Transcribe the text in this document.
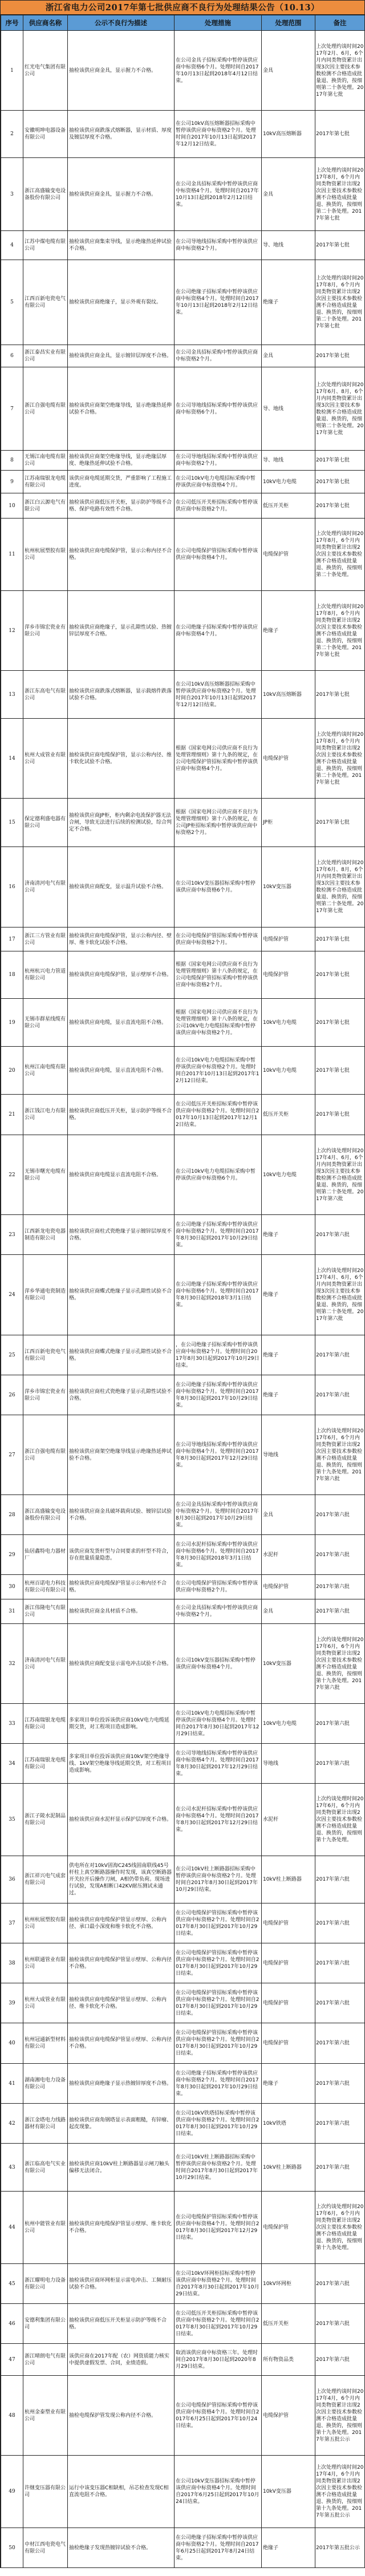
浙江省电力公司2017年第七批供应商不良行为处理结果公告（10.13）
序号	供应商名称	公示不良行为描述	处理措施	处理范围	备注
1	红光电气集团有限公司	抽检该供应商金具，显示握力不合格。	在公司金具子招标采购中暂停该供应商中标资格6个月。处理时间自2017年10月13日起到2018年4月12日结束。	金具	上次处理约谈时间2017年2月、6月，6个月内同类物资累计出现3次因主要技术参数检测不合格造成批量退、换货的，按细则第二十条处理。2017年第七批
2	安徽明坤电器设备有限公司	抽检该供应商跌落式熔断器，显示材质、厚度及镀层厚度不合格。	在公司10kV高压熔断器招标采购中暂停该供应商中标资格2个月。处理时间自2017年10月13日起到2017年12月12日结束。	10kV高压熔断器	2017年第七批
3	浙江高盛输变电设备股份有限公司	抽检该供应商金具，显示握力不合格。	在公司金具招标采购中暂停该供应商中标资格4个月。处理时间自2017年10月13日起到2018年2月12日结束。	金具	上次处理约谈时间2017年8月，6个月内同类物资累计出现2次因主要技术参数检测不合格造成批量退、换货的，按细则第二十条处理。2017年第七批
4	江苏中煤电缆有限公司	抽检该供应商集束导线，显示绝缘热延伸试验不合格。	在公司导地线招标采购中暂停该供应商中标资格2个月。	导、地线	2017年第七批
5	江西百新电瓷电气有限公司	抽检该供应商绝缘子，显示外观有裂纹。	在公司绝缘子招标采购中暂停该供应商中标资格4个月。处理时间自2017年10月13日起到2018年2月12日结束。	绝缘子	上次处理约谈时间2017年8月，6个月内同类物资累计出现2次因主要技术参数检测不合格造成批量退、换货的，按细则第二十条处理。2017年第七批
6	浙江泰昌实业有限公司	抽检该供应商金具，显示镀锌层厚度不合格。	在公司金具招标采购中暂停该供应商中标资格2个月。	金具	2017年第七批
7	浙江自强电缆有限公司	抽检该供应商架空绝缘导线，显示绝缘热延伸试验不合格。	在公司导地线招标采购中暂停该供应商中标资格6个月。	导、地线	上次处理约谈时间2017年6月、8月，6个月内同类物资累计出现3次因主要技术参数检测不合格造成批量退、换货的，按细则第二十条处理。2017年第七批
8	无锡江南电缆有限公司	抽检该供应商架空绝缘导线，显示绝缘层厚度、绝缘热延伸试验不合格。	在公司导地线招标采购中暂停该供应商中标资格2个月。	导、地线	2017年第七批
9	江苏南瑞银龙电缆有限公司	该供应商电缆延期交货，严重影响了工程施工进度。	在公司10kV电力电缆招标采购中暂停该供应商中标资格4个月。	10kV电力电缆	2017年第七批
10	浙江白云源电气有限公司	抽检该供应商低压开关柜，显示防护等级不合格、保护电路有效性不合格。	在公司低压开关柜招标采购中暂停该供应商中标资格2个月。	低压开关柜	2017年第七批
11	杭州杭展塑胶有限公司	抽检该供应商电缆保护管，显示公称内径不合格。	在公司电缆保护管招标采购中暂停该供应商中标资格4个月。	电缆保护管	上次处理约谈时间2017年8月，6个月内同类物资累计出现2次因主要技术参数检测不合格造成批量退、换货的，按细则第二十条处理。
12	萍乡市锦宏瓷业有限公司	抽检该供应商绝缘子，显示孔隙性试验、热镀锌层厚度不合格。	在公司绝缘子招标采购中暂停该供应商中标资格4个月。	绝缘子	上次处理约谈时间2017年8月，6个月内同类物资累计出现2次因主要技术参数检测不合格造成批量退、换货的，按细则第二十条处理。2017年第七批
13	浙江东高电气有限公司	抽检该供应商跌落式熔断器，显示载熔件跌落试验不合格。	在公司10kV高压熔断器招标采购中暂停该供应商中标资格2个月。处理时间自2017年10月13日起到2017年12月12日结束。	10kV高压熔断器	2017年第七批
14	杭州大成管业有限公司	抽检该供应商电缆保护管，显示公称内径、维卡软化试验不合格。	根据《国家电网公司供应商不良行为处理管理细则》第十九条的规定，在公司电缆保护管招标采购中暂停该供应商中标资格4个月。	电缆保护管	上次处理约谈时间2017年8月，6个月内同类物资累计出现2次因主要技术参数检测不合格造成批量退、换货的，按细则第二十条处理。2017年第七批
15	保定德利盛电器有限公司	抽检该供应商JP柜，柜内剩余电流保护器无法合闸，导致无法进行后续的检测试验，综合判定不合格。	根据《国家电网公司供应商不良行为处理管理细则》第十八条的规定，在公司JP柜招标采购中暂停该供应商中标资格2个月。	JP柜	2017年第七批
16	济南清河电气有限公司	抽检该供应商配变，显示温升试验不合格。	在公司10kV变压器招标采购中暂停该供应商中标资格6个月。	10kV变压器	上次处理约谈时间2017年6月、8月，6个月内同类物资累计出现3次因主要技术参数检测不合格造成批量退、换货的，按细则第二十条处理。2017年第七批
17	浙江三方管业有限公司	抽检该供应商电缆保护管，显示公称内径、壁厚、维卡软化试验不合格。	在公司电缆保护管招标采购中暂停该供应商中标资格2个月。	电缆保护管	2017年第七批
18	杭州杭兴电力管道有限公司	抽检该供应商电缆保护管，显示壁厚不合格。	根据《国家电网公司供应商不良行为处理管理细则》第十八条的规定，在公司电缆保护管招标采购中暂停该供应商中标资格2个月。	电缆保护管	2017年第七批
19	无锡市群星线缆有限公司	抽检该供应商电缆，显示直流电阻不合格。	根据《国家电网公司供应商不良行为处理管理细则》第十八条的规定，在公司10kV电力电缆招标采购中暂停该供应商中标资格2个月。	10kV电力电缆	2017年第七批
20	杭州江南电缆有限公司	抽检该供应商电缆，显示直流电阻不合格。	在公司10kV电力电缆招标采购中暂停该供应商中标资格2个月。处理时间自2017年10月13日起到2017年12月12日结束。	10kV电力电缆	2017年第七批
21	浙江钱江电力有限公司	抽检该供应商低压开关柜，显示防护等级不合格。	在公司低压开关柜招标采购中暂停该供应商中标资格2个月。处理时间自2017年10月13日起到2017年12月12日结束。	低压开关柜	2017年第七批
22	无锡市曙光电缆有限公司	抽检该供应商电缆显示直流电阻不合格。	在公司10kV电力电缆招标采购中暂停该供应商中标资格6个月。	10kV电力电缆	上次约谈处理时间2017年4月、6月，6个月内同类物资累计出现3次因主要技术参数检测不合格造成批量退、换货的，按细则第二十条处理。2017年第六批
23	江西新龙电瓷电器制造有限公司	抽检该供应商柱式瓷绝缘子显示镀锌层厚度不合格。	在公司绝缘子招标采购中暂停该供应商中标资格2个月。处理时间自2017年8月30日起到2017年10月29日结束。	绝缘子	2017年第六批
24	萍乡华通电瓷制造有限公司	抽检该供应商蝶式绝缘子显示孔隙性试验不合格。	在公司绝缘子招标采购中暂停该供应商中标资格6个月。处理时间自2017年8月30日起到2018年3月1日结束。	绝缘子	上次约谈处理时间2017年4月、6月，6个月内同类物资累计出现3次因主要技术参数检测不合格造成批量退、换货的，按细则第二十条处理。2017年第六批
25	江西百新电瓷电气有限公司	抽检该供应商蝶式绝缘子显示孔隙性试验不合格。	，在公司绝缘子招标采购中暂停该供应商中标资格2个月。处理时间自2017年8月30日起到2017年10月29日结束。	绝缘子	2017年第六批
26	萍乡市锦宏瓷业有限公司	抽检该供应商柱式瓷绝缘子显示孔隙性试验不合格。	在公司绝缘子招标采购中暂停该供应商中标资格2个月。处理时间自2017年8月30日起到2017年10月29日结束。	绝缘子	2017年第六批
27	浙江自强电缆有限公司	抽检该供应商架空绝缘导线显示绝缘热延伸试验不合格。	在公司导地线招标采购中暂停该供应商中标资格4个月。处理时间自2017年8月30日起到2017年12月29日结束。	导地线	上次约谈处理时间2017年6月，6个月内同类物资累计出现2次因主要技术参数检测不合格造成批量退、换货的，按细则第十九条处理。2017年第六批
28	浙江高盛输变电设备股份有限公司	抽检该供应商金具破坏载荷试验、镀锌层试验不合格。	在公司金具招标采购中暂停该供应商中标资格2个月。处理时间自2017年8月30日起到2017年10月29日结束。	金具	2017年第六批
29	仙居鑫特电力器材厂	该供应商发货杆型与合同要求的杆型不符合，存在批量质量隐患。	在公司水泥杆招标采购中暂停该供应商中标资格6个月。处理时间自2017年8月30日起到2018年3月1日结束。	水泥杆	2017年第六批
30	杭州百诺电力科技有限公司有限公司	抽检该供应商电缆保护管显示公称内径不合格。	在公司电缆保护管招标采购中暂停该供应商中标资格2个月。	电缆保护管	2017年第六批
31	浙江伟隆电气有限公司	抽检该供应商金具材质不合格。	在公司金具招标采购中暂停该供应商中标资格2个月。	金具	2017年第六批
32	济南清河电气有限公司	抽检该供应商配变显示雷电冲击试验不合格。	在公司10kV变压器招标采购中暂停该供应商中标资格4个月。	10kV变压器	上次约谈处理时间2017年6月，6个月内同类物资累计出现2次因主要技术参数检测不合格造成批量退、换货的，按细则第十九条处理。2017年第六批
33	江苏南瑞银龙电缆有限公司	多家项目单位投诉该供应商10kV电力电缆延期交货，对工程项目造成影响。	在公司10kV电力电缆招标采购中暂停该供应商中标资格4个月。处理时间自2017年8月30日起到2017年12月29日结束。	10kV电力电缆	2017年第六批
34	江苏南瑞银龙电缆有限公司	多家项目单位投诉该供应商10kV架空绝缘导线、1kV架空绝缘导线延期交货，对工程项目造成影响。	在公司导地线招标采购中暂停该供应商中标资格4个月。处理时间自2017年8月30日起到2017年12月29日结束。	导地线	2017年第六批
35	浙江子陵水泥制品有限公司	抽检该供应商水泥杆显示保护层厚度不合格。	在公司水泥杆招标采购中暂停该供应商中标资格4个月。处理时间自2017年8月30日起到2017年12月29日结束。	水泥杆	上次约谈处理时间2017年6月，6个月内同类物资累计出现2次因主要技术参数检测不合格造成批量退、换货的，按细则第十九条处理。
36	浙江祥兴电气成套有限公司	供电所在对10kV固海C245线固南联线45号杆柱上真空断路器操作时发现，该真空断路器开关拉开后操作刀闸，A相仍带负荷。现场进行试验，发现A相断口42KV耐压测试未通过。	在公司10kV柱上断路器招标采购中暂停该供应商中标资格2个月。处理时间自2017年8月30日起到2017年10月29日结束。	10kV柱上断路器	2017年第六批
37	杭州杭展塑胶有限公司	抽检该供应商电缆保护管显示壁厚、公称内径、承口最小深度和维卡软化不合格。	在公司电缆保护管招标采购中暂停该供应商中标资格2个月。处理时间自2017年8月30日起到2017年10月29日结束。	电缆保护管	2017年第六批
38	杭州联通管业有限公司	抽检该供应商电缆保护管显示壁厚、公称内径不合格。	在公司电缆保护管招标采购中暂停该供应商中标资格2个月。处理时间自2017年8月30日起到2017年10月29日结束。	电缆保护管	2017年第六批
39	杭州大成管业有限公司	抽检该供应商电缆保护管显示壁厚、公称内径、维卡软化不合格。	在公司电缆保护管招标采购中暂停该供应商中标资格2个月。处理时间自2017年8月30日起到2017年10月29日结束。	电缆保护管	2017年第六批
40	杭州冠通新型材料有限公司	抽检该供应商电缆保护管显示壁厚、公称内径不合格。	在公司电缆保护管招标采购中暂停该供应商中标资格2个月。处理时间自2017年8月30日起到2017年10月29日结束。	电缆保护管	2017年第六批
41	湖南湘电电力设备有限公司	抽检该供应商绝缘子显示热镀锌厚度不合格。	在公司绝缘子招标采购中暂停该供应商中标资格2个月。处理时间自2017年8月30日起到2017年10月29日结束。	绝缘子	2017年第六批
42	浙江金塔电力线路器材有限公司	抽检该供应商角钢塔显示表面粗糙，有锌瘤、起皮现象。	在公司10kV铁塔招标采购中暂停该供应商中标资格2个月。处理时间自2017年8月30日起到2017年10月29日结束。	10kV铁塔	2017年第六批
43	浙江临高电气实业有限公司	抽检该供应商10kV柱上断路器显示闸刀触头偏移无法闭合。	在公司10kV柱上断路器招标采购中暂停该供应商中标资格2个月。处理时间自2017年8月30日起到2017年10月29日结束。	10kV柱上断路器	2017年第六批
44	杭州中能管业有限公司	抽检该供应商电缆保护管显示壁厚、维卡软化不合格。	在公司电缆保护管招标采购中暂停该供应商中标资格4个月。处理时间自2017年8月30日起到2017年12月29日结束。	电缆保护管	上次约谈处理时间2017年6月，6个月内同类物资累计出现2次因主要技术参数检测不合格造成批量退、换货的，按细则第十九条处理。
45	浙江耀明电力设备有限公司	抽检该供应商环网柜显示雷电冲击、工频耐压试验不合格。	在公司10kV环网柜招标采购中暂停该供应商中标资格2个月。处理时间自2017年8月30日起到2017年10月29日结束。	10kV环网柜	2017年第六批
46	安德利集团有限公司	抽检该供应商低压开关柜显示防护等级不合格。	在公司低压开关柜招标采购中暂停该供应商中标资格2个月。处理时间自2017年8月30日起到2017年10月29日结束。	低压开关柜	2017年第六批
47	浙江晴朗电气有限公司	该供应商在2017年配（农）网资质能力核实中提供虚假发票、合同，业绩造假。	取消该供应商中标资格三年。处理时间自2017年8月30日起到2020年8月29日结束。	所有物资品类	2017年第六批
48	杭州金泰塑业有限公司	抽检电缆保护管发现公称内径不合格。	在公司电缆保护管招标采购中暂停该供应商中标资格4个月。处理时间自2017年6月25日起到2017年10月24日结束。	电缆保护管	上次处理约谈时间2017年4月，6个月内同类物资累计出现2次因主要技术参数检测不合格造成批量退、换货的，按细则第十九条处理。2017年第五批公示
49	许继变压器有限公司	运行中该变压器C相缺相，吊芯检查发现C相直流电阻不合格。	在公司10kV变压器招标采购中暂停该供应商中标资格4个月。处理时间自2017年6月25日起到2017年10月24日结束。	10kV变压器	上次处理约谈时间2017年4月，6个月内同类物资累计出现2次因主要技术参数检测不合格造成批量退、换货的，按细则第十九条处理。2017年第五批公示
50	中材江西电瓷电气有限公司	抽检绝缘子发现热镀锌试验不合格。	在公司绝缘子招标采购中暂停该供应商中标资格2个月。处理时间自2017年6月25日起到2017年8月24日结束。	绝缘子	2017年第五批公示
